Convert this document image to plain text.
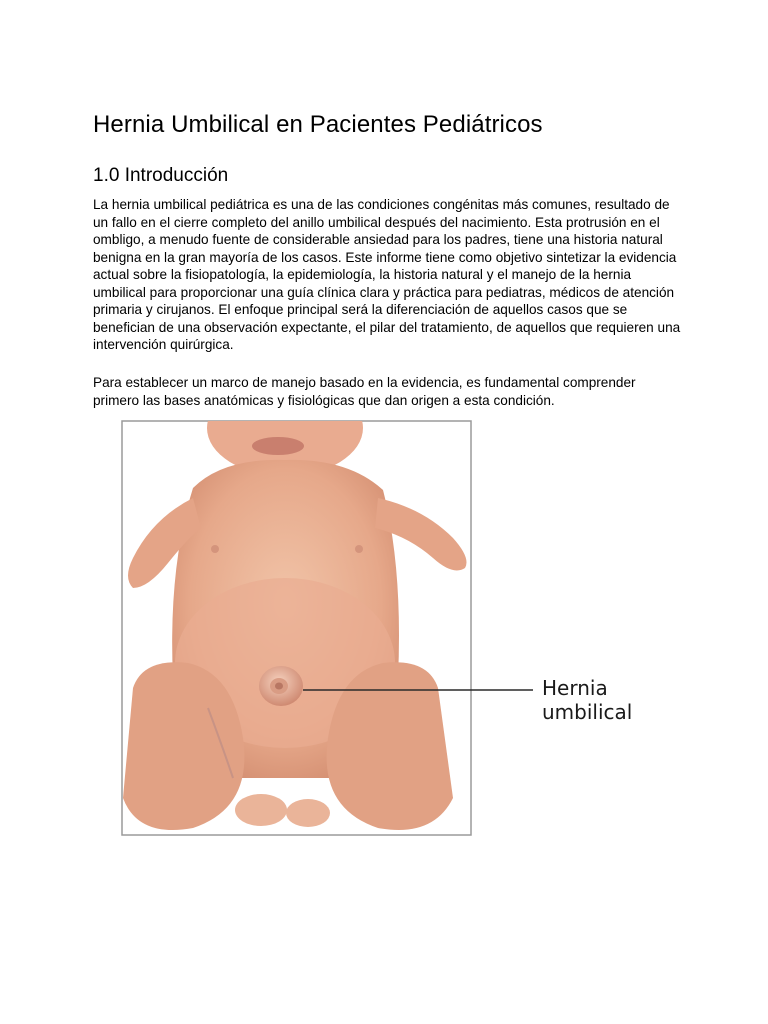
Hernia Umbilical en Pacientes Pediátricos
1.0 Introducción

La hernia umbilical pediátrica es una de las condiciones congénitas más comunes, resultado de un fallo en el cierre completo del anillo umbilical después del nacimiento. Esta protrusión en el ombligo, a menudo fuente de considerable ansiedad para los padres, tiene una historia natural benigna en la gran mayoría de los casos. Este informe tiene como objetivo sintetizar la evidencia actual sobre la fisiopatología, la epidemiología, la historia natural y el manejo de la hernia umbilical para proporcionar una guía clínica clara y práctica para pediatras, médicos de atención primaria y cirujanos. El enfoque principal será la diferenciación de aquellos casos que se benefician de una observación expectante, el pilar del tratamiento, de aquellos que requieren una intervención quirúrgica.

Para establecer un marco de manejo basado en la evidencia, es fundamental comprender primero las bases anatómicas y fisiológicas que dan origen a esta condición.

Hernia
umbilical
